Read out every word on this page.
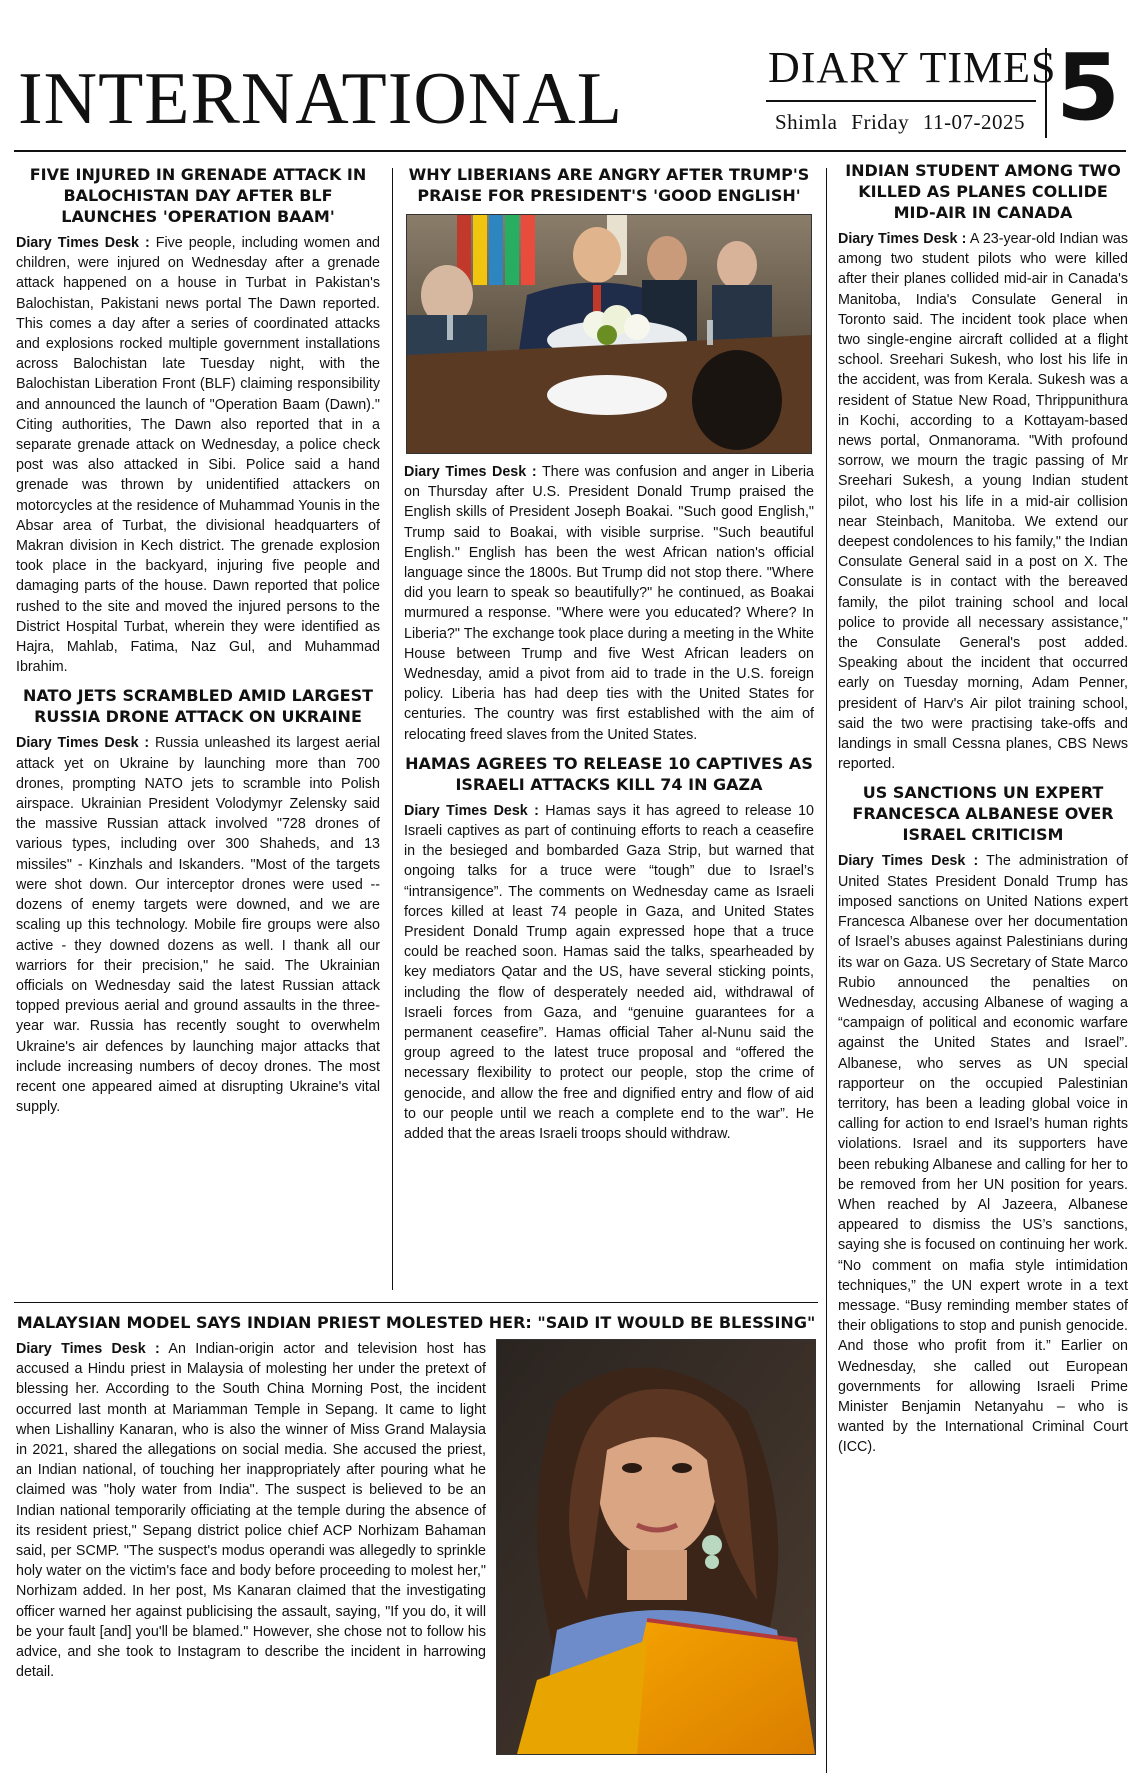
INTERNATIONAL	DIARY TIMES
Shimla Friday 11-07-2025 5
FIVE INJURED IN GRENADE ATTACK IN BALOCHISTAN DAY AFTER BLF LAUNCHES 'OPERATION BAAM'

Diary Times Desk : Five people, including women and children, were injured on Wednesday after a grenade attack happened on a house in Turbat in Pakistan's Balochistan, Pakistani news portal The Dawn reported. This comes a day after a series of coordinated attacks and explosions rocked multiple government installations across Balochistan late Tuesday night, with the Balochistan Liberation Front (BLF) claiming responsibility and announced the launch of "Operation Baam (Dawn)." Citing authorities, The Dawn also reported that in a separate grenade attack on Wednesday, a police check post was also attacked in Sibi. Police said a hand grenade was thrown by unidentified attackers on motorcycles at the residence of Muhammad Younis in the Absar area of Turbat, the divisional headquarters of Makran division in Kech district. The grenade explosion took place in the backyard, injuring five people and damaging parts of the house. Dawn reported that police rushed to the site and moved the injured persons to the District Hospital Turbat, wherein they were identified as Hajra, Mahlab, Fatima, Naz Gul, and Muhammad Ibrahim.

NATO JETS SCRAMBLED AMID LARGEST RUSSIA DRONE ATTACK ON UKRAINE

Diary Times Desk : Russia unleashed its largest aerial attack yet on Ukraine by launching more than 700 drones, prompting NATO jets to scramble into Polish airspace. Ukrainian President Volodymyr Zelensky said the massive Russian attack involved "728 drones of various types, including over 300 Shaheds, and 13 missiles" - Kinzhals and Iskanders. "Most of the targets were shot down. Our interceptor drones were used -- dozens of enemy targets were downed, and we are scaling up this technology. Mobile fire groups were also active - they downed dozens as well. I thank all our warriors for their precision," he said. The Ukrainian officials on Wednesday said the latest Russian attack topped previous aerial and ground assaults in the three-year war. Russia has recently sought to overwhelm Ukraine's air defences by launching major attacks that include increasing numbers of decoy drones. The most recent one appeared aimed at disrupting Ukraine's vital supply.

WHY LIBERIANS ARE ANGRY AFTER TRUMP'S PRAISE FOR PRESIDENT'S 'GOOD ENGLISH'

Diary Times Desk : There was confusion and anger in Liberia on Thursday after U.S. President Donald Trump praised the English skills of President Joseph Boakai. "Such good English," Trump said to Boakai, with visible surprise. "Such beautiful English." English has been the west African nation's official language since the 1800s. But Trump did not stop there. "Where did you learn to speak so beautifully?" he continued, as Boakai murmured a response. "Where were you educated? Where? In Liberia?" The exchange took place during a meeting in the White House between Trump and five West African leaders on Wednesday, amid a pivot from aid to trade in the U.S. foreign policy. Liberia has had deep ties with the United States for centuries. The country was first established with the aim of relocating freed slaves from the United States.

HAMAS AGREES TO RELEASE 10 CAPTIVES AS ISRAELI ATTACKS KILL 74 IN GAZA

Diary Times Desk : Hamas says it has agreed to release 10 Israeli captives as part of continuing efforts to reach a ceasefire in the besieged and bombarded Gaza Strip, but warned that ongoing talks for a truce were “tough” due to Israel’s “intransigence”. The comments on Wednesday came as Israeli forces killed at least 74 people in Gaza, and United States President Donald Trump again expressed hope that a truce could be reached soon. Hamas said the talks, spearheaded by key mediators Qatar and the US, have several sticking points, including the flow of desperately needed aid, withdrawal of Israeli forces from Gaza, and “genuine guarantees for a permanent ceasefire”. Hamas official Taher al-Nunu said the group agreed to the latest truce proposal and “offered the necessary flexibility to protect our people, stop the crime of genocide, and allow the free and dignified entry and flow of aid to our people until we reach a complete end to the war”. He added that the areas Israeli troops should withdraw.

INDIAN STUDENT AMONG TWO KILLED AS PLANES COLLIDE MID-AIR IN CANADA

Diary Times Desk : A 23-year-old Indian was among two student pilots who were killed after their planes collided mid-air in Canada's Manitoba, India's Consulate General in Toronto said. The incident took place when two single-engine aircraft collided at a flight school. Sreehari Sukesh, who lost his life in the accident, was from Kerala. Sukesh was a resident of Statue New Road, Thrippunithura in Kochi, according to a Kottayam-based news portal, Onmanorama. "With profound sorrow, we mourn the tragic passing of Mr Sreehari Sukesh, a young Indian student pilot, who lost his life in a mid-air collision near Steinbach, Manitoba. We extend our deepest condolences to his family," the Indian Consulate General said in a post on X. The Consulate is in contact with the bereaved family, the pilot training school and local police to provide all necessary assistance," the Consulate General's post added. Speaking about the incident that occurred early on Tuesday morning, Adam Penner, president of Harv's Air pilot training school, said the two were practising take-offs and landings in small Cessna planes, CBS News reported.

US SANCTIONS UN EXPERT FRANCESCA ALBANESE OVER ISRAEL CRITICISM

Diary Times Desk : The administration of United States President Donald Trump has imposed sanctions on United Nations expert Francesca Albanese over her documentation of Israel’s abuses against Palestinians during its war on Gaza. US Secretary of State Marco Rubio announced the penalties on Wednesday, accusing Albanese of waging a “campaign of political and economic warfare against the United States and Israel”. Albanese, who serves as UN special rapporteur on the occupied Palestinian territory, has been a leading global voice in calling for action to end Israel’s human rights violations. Israel and its supporters have been rebuking Albanese and calling for her to be removed from her UN position for years. When reached by Al Jazeera, Albanese appeared to dismiss the US’s sanctions, saying she is focused on continuing her work. “No comment on mafia style intimidation techniques,” the UN expert wrote in a text message. “Busy reminding member states of their obligations to stop and punish genocide. And those who profit from it.” Earlier on Wednesday, she called out European governments for allowing Israeli Prime Minister Benjamin Netanyahu – who is wanted by the International Criminal Court (ICC).

MALAYSIAN MODEL SAYS INDIAN PRIEST MOLESTED HER: "SAID IT WOULD BE BLESSING"

Diary Times Desk : An Indian-origin actor and television host has accused a Hindu priest in Malaysia of molesting her under the pretext of blessing her. According to the South China Morning Post, the incident occurred last month at Mariamman Temple in Sepang. It came to light when Lishalliny Kanaran, who is also the winner of Miss Grand Malaysia in 2021, shared the allegations on social media. She accused the priest, an Indian national, of touching her inappropriately after pouring what he claimed was "holy water from India". The suspect is believed to be an Indian national temporarily officiating at the temple during the absence of its resident priest," Sepang district police chief ACP Norhizam Bahaman said, per SCMP. "The suspect's modus operandi was allegedly to sprinkle holy water on the victim's face and body before proceeding to molest her," Norhizam added. In her post, Ms Kanaran claimed that the investigating officer warned her against publicising the assault, saying, "If you do, it will be your fault [and] you'll be blamed." However, she chose not to follow his advice, and she took to Instagram to describe the incident in harrowing detail.
